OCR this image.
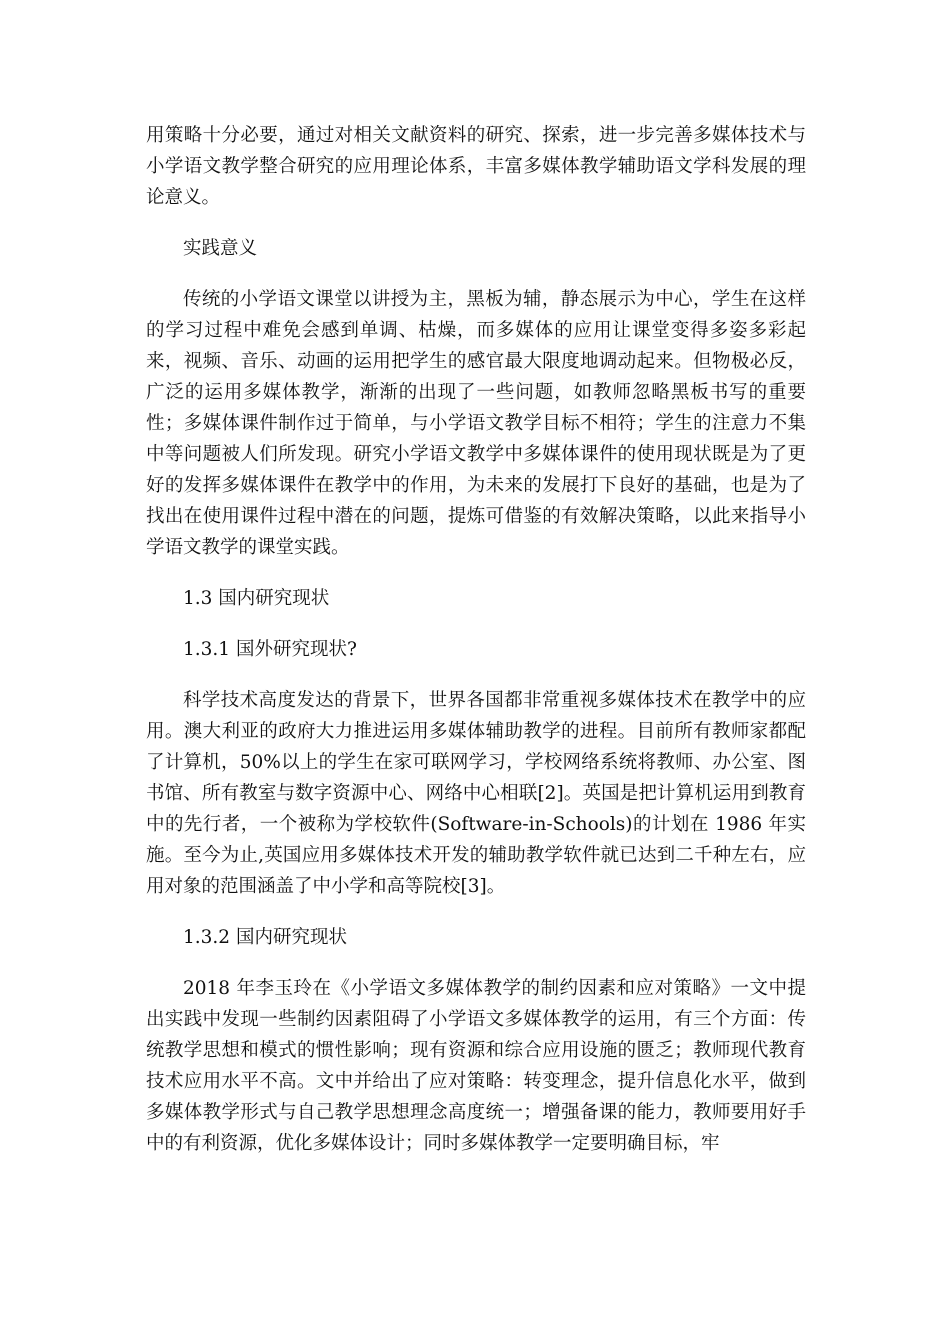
用策略十分必要，通过对相关文献资料的研究、探索，进一步完善多媒体技术与小学语文教学整合研究的应用理论体系，丰富多媒体教学辅助语文学科发展的理论意义。

实践意义

传统的小学语文课堂以讲授为主，黑板为辅，静态展示为中心，学生在这样的学习过程中难免会感到单调、枯燥，而多媒体的应用让课堂变得多姿多彩起来，视频、音乐、动画的运用把学生的感官最大限度地调动起来。但物极必反，广泛的运用多媒体教学，渐渐的出现了一些问题，如教师忽略黑板书写的重要性；多媒体课件制作过于简单，与小学语文教学目标不相符；学生的注意力不集中等问题被人们所发现。研究小学语文教学中多媒体课件的使用现状既是为了更好的发挥多媒体课件在教学中的作用，为未来的发展打下良好的基础，也是为了找出在使用课件过程中潜在的问题，提炼可借鉴的有效解决策略，以此来指导小学语文教学的课堂实践。

1.3 国内研究现状

1.3.1 国外研究现状?

科学技术高度发达的背景下，世界各国都非常重视多媒体技术在教学中的应用。澳大利亚的政府大力推进运用多媒体辅助教学的进程。目前所有教师家都配了计算机，50%以上的学生在家可联网学习，学校网络系统将教师、办公室、图书馆、所有教室与数字资源中心、网络中心相联[2]。英国是把计算机运用到教育中的先行者，一个被称为学校软件(Software-in-Schools)的计划在 1986 年实施。至今为止,英国应用多媒体技术开发的辅助教学软件就已达到二千种左右，应用对象的范围涵盖了中小学和高等院校[3]。

1.3.2 国内研究现状

2018 年李玉玲在《小学语文多媒体教学的制约因素和应对策略》一文中提出实践中发现一些制约因素阻碍了小学语文多媒体教学的运用，有三个方面：传统教学思想和模式的惯性影响；现有资源和综合应用设施的匮乏；教师现代教育技术应用水平不高。文中并给出了应对策略：转变理念，提升信息化水平，做到多媒体教学形式与自己教学思想理念高度统一；增强备课的能力，教师要用好手中的有利资源，优化多媒体设计；同时多媒体教学一定要明确目标，牢
